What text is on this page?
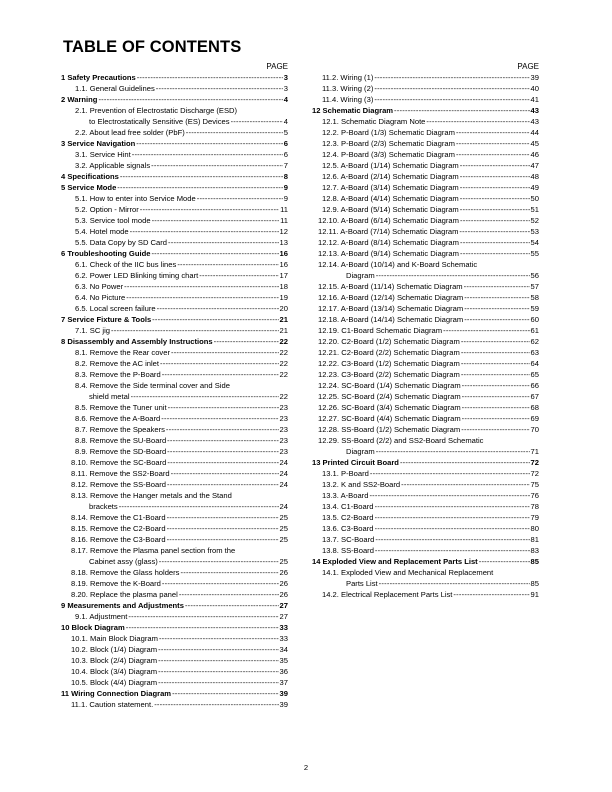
TABLE OF CONTENTS
PAGE
1 Safety Precautions -----	3
1.1. General Guidelines -----	3
2 Warning -----	4
2.1. Prevention of Electrostatic Discharge (ESD)
to Electrostatically Sensitive (ES) Devices -----	4
2.2. About lead free solder (PbF) -----	5
3 Service Navigation -----	6
3.1. Service Hint -----	6
3.2. Applicable signals -----	7
4 Specifications -----	8
5 Service Mode -----	9
5.1. How to enter into Service Mode -----	9
5.2. Option - Mirror -----	11
5.3. Service tool mode -----	11
5.4. Hotel mode -----	12
5.5. Data Copy by SD Card -----	13
6 Troubleshooting Guide -----	16
6.1. Check of the IIC bus lines -----	16
6.2. Power LED Blinking timing chart -----	17
6.3. No Power -----	18
6.4. No Picture -----	19
6.5. Local screen failure -----	20
7 Service Fixture & Tools -----	21
7.1. SC jig -----	21
8 Disassembly and Assembly Instructions -----	22
8.1. Remove the Rear cover -----	22
8.2. Remove the AC inlet -----	22
8.3. Remove the P-Board -----	22
8.4. Remove the Side terminal cover and Side
shield metal -----	22
8.5. Remove the Tuner unit -----	23
8.6. Remove the A-Board -----	23
8.7. Remove the Speakers -----	23
8.8. Remove the SU-Board -----	23
8.9. Remove the SD-Board -----	23
8.10. Remove the SC-Board -----	24
8.11. Remove the SS2-Board -----	24
8.12. Remove the SS-Board -----	24
8.13. Remove the Hanger metals and the Stand
brackets -----	24
8.14. Remove the C1-Board -----	25
8.15. Remove the C2-Board -----	25
8.16. Remove the C3-Board -----	25
8.17. Remove the Plasma panel section from the
Cabinet assy (glass) -----	25
8.18. Remove the Glass holders -----	26
8.19. Remove the K-Board -----	26
8.20. Replace the plasma panel -----	26
9 Measurements and Adjustments -----	27
9.1. Adjustment -----	27
10 Block Diagram -----	33
10.1. Main Block Diagram -----	33
10.2. Block (1/4) Diagram -----	34
10.3. Block (2/4) Diagram -----	35
10.4. Block (3/4) Diagram -----	36
10.5. Block (4/4) Diagram -----	37
11 Wiring Connection Diagram -----	39
11.1. Caution statement. -----	39
PAGE
11.2. Wiring (1) -----	39
11.3. Wiring (2) -----	40
11.4. Wiring (3) -----	41
12 Schematic Diagram -----	43
12.1. Schematic Diagram Note -----	43
12.2. P-Board (1/3) Schematic Diagram -----	44
12.3. P-Board (2/3) Schematic Diagram -----	45
12.4. P-Board (3/3) Schematic Diagram -----	46
12.5. A-Board (1/14) Schematic Diagram -----	47
12.6. A-Board (2/14) Schematic Diagram -----	48
12.7. A-Board (3/14) Schematic Diagram -----	49
12.8. A-Board (4/14) Schematic Diagram -----	50
12.9. A-Board (5/14) Schematic Diagram -----	51
12.10. A-Board (6/14) Schematic Diagram -----	52
12.11. A-Board (7/14) Schematic Diagram -----	53
12.12. A-Board (8/14) Schematic Diagram -----	54
12.13. A-Board (9/14) Schematic Diagram -----	55
12.14. A-Board (10/14) and K-Board Schematic
Diagram -----	56
12.15. A-Board (11/14) Schematic Diagram -----	57
12.16. A-Board (12/14) Schematic Diagram -----	58
12.17. A-Board (13/14) Schematic Diagram -----	59
12.18. A-Board (14/14) Schematic Diagram -----	60
12.19. C1-Board Schematic Diagram -----	61
12.20. C2-Board (1/2) Schematic Diagram -----	62
12.21. C2-Board (2/2) Schematic Diagram -----	63
12.22. C3-Board (1/2) Schematic Diagram -----	64
12.23. C3-Board (2/2) Schematic Diagram -----	65
12.24. SC-Board (1/4) Schematic Diagram -----	66
12.25. SC-Board (2/4) Schematic Diagram -----	67
12.26. SC-Board (3/4) Schematic Diagram -----	68
12.27. SC-Board (4/4) Schematic Diagram -----	69
12.28. SS-Board (1/2) Schematic Diagram -----	70
12.29. SS-Board (2/2) and SS2-Board Schematic
Diagram -----	71
13 Printed Circuit Board -----	72
13.1. P-Board -----	72
13.2. K and SS2-Board -----	75
13.3. A-Board -----	76
13.4. C1-Board -----	78
13.5. C2-Board -----	79
13.6. C3-Board -----	80
13.7. SC-Board -----	81
13.8. SS-Board -----	83
14 Exploded View and Replacement Parts List -----	85
14.1. Exploded View and Mechanical Replacement
Parts List -----	85
14.2. Electrical Replacement Parts List -----	91
2
